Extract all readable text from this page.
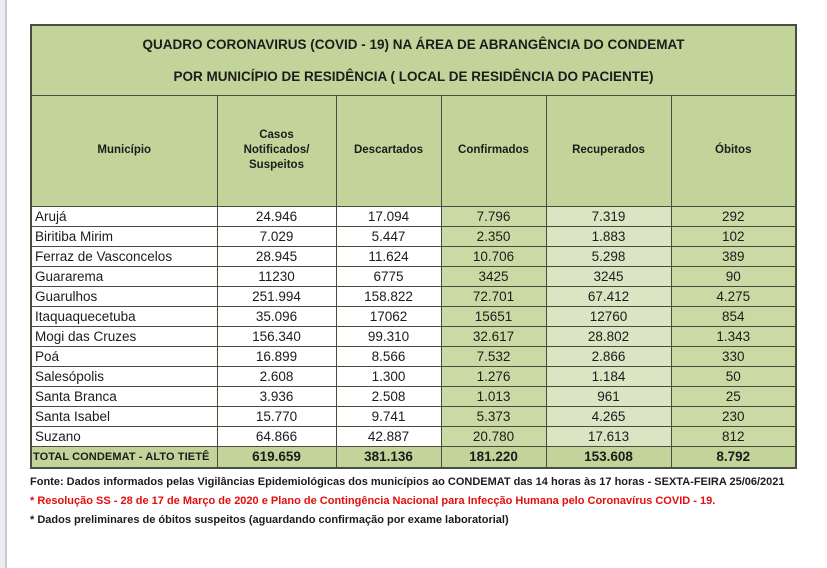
QUADRO CORONAVIRUS (COVID - 19) NA ÁREA DE ABRANGÊNCIA DO CONDEMAT

POR MUNICÍPIO DE RESIDÊNCIA ( LOCAL DE RESIDÊNCIA DO PACIENTE)					

Município	Casos Notificados/ Suspeitos	Descartados	Confirmados	Recuperados	Óbitos
Arujá	24.946	17.094	7.796	7.319	292
Biritiba Mirim	7.029	5.447	2.350	1.883	102
Ferraz de Vasconcelos	28.945	11.624	10.706	5.298	389
Guararema	11230	6775	3425	3245	90
Guarulhos	251.994	158.822	72.701	67.412	4.275
Itaquaquecetuba	35.096	17062	15651	12760	854
Mogi das Cruzes	156.340	99.310	32.617	28.802	1.343
Poá	16.899	8.566	7.532	2.866	330
Salesópolis	2.608	1.300	1.276	1.184	50
Santa Branca	3.936	2.508	1.013	961	25
Santa Isabel	15.770	9.741	5.373	4.265	230
Suzano	64.866	42.887	20.780	17.613	812
TOTAL CONDEMAT - ALTO TIETÊ	619.659	381.136	181.220	153.608	8.792

Fonte: Dados informados pelas Vigilâncias Epidemiológicas dos municípios ao CONDEMAT das 14 horas às 17 horas - SEXTA-FEIRA 25/06/2021

* Resolução SS - 28 de 17 de Março de 2020 e Plano de Contingência Nacional para Infecção Humana pelo Coronavírus COVID - 19.

* Dados preliminares de óbitos suspeitos (aguardando confirmação por exame laboratorial)
